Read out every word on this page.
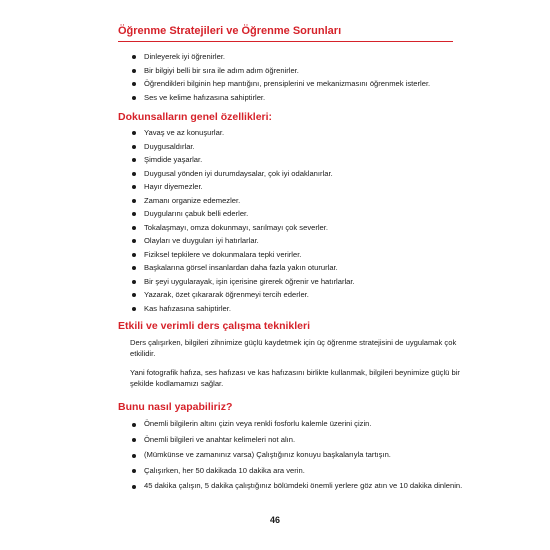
Öğrenme Stratejileri ve Öğrenme Sorunları
Dinleyerek iyi öğrenirler.
Bir bilgiyi belli bir sıra ile adım adım öğrenirler.
Öğrendikleri bilginin hep mantığını, prensiplerini ve mekanizmasını öğrenmek isterler.
Ses ve kelime hafızasına sahiptirler.
Dokunsalların genel özellikleri:
Yavaş ve az konuşurlar.
Duygusaldırlar.
Şimdide yaşarlar.
Duygusal yönden iyi durumdaysalar, çok iyi odaklanırlar.
Hayır diyemezler.
Zamanı organize edemezler.
Duygularını çabuk belli ederler.
Tokalaşmayı, omza dokunmayı, sarılmayı çok severler.
Olayları ve duyguları iyi hatırlarlar.
Fiziksel tepkilere ve dokunmalara tepki verirler.
Başkalarına görsel insanlardan daha fazla yakın otururlar.
Bir şeyi uygularayak, işin içerisine girerek öğrenir ve hatırlarlar.
Yazarak, özet çıkararak öğrenmeyi tercih ederler.
Kas hafızasına sahiptirler.
Etkili ve verimli ders çalışma teknikleri
Ders çalışırken, bilgileri zihnimize güçlü kaydetmek için üç öğrenme stratejisini de uygulamak çok etkilidir.
Yani fotografik hafıza, ses hafızası ve kas hafızasını birlikte kullanmak, bilgileri beynimize güçlü bir şekilde kodlamamızı sağlar.
Bunu nasıl yapabiliriz?
Önemli bilgilerin altını çizin veya renkli fosforlu kalemle üzerini çizin.
Önemli bilgileri ve anahtar kelimeleri not alın.
(Mümkünse ve zamanınız varsa) Çalıştığınız konuyu başkalarıyla tartışın.
Çalışırken, her 50 dakikada 10 dakika ara verin.
45 dakika çalışın, 5 dakika çalıştığınız bölümdeki önemli yerlere göz atın ve 10 dakika dinlenin.
46
